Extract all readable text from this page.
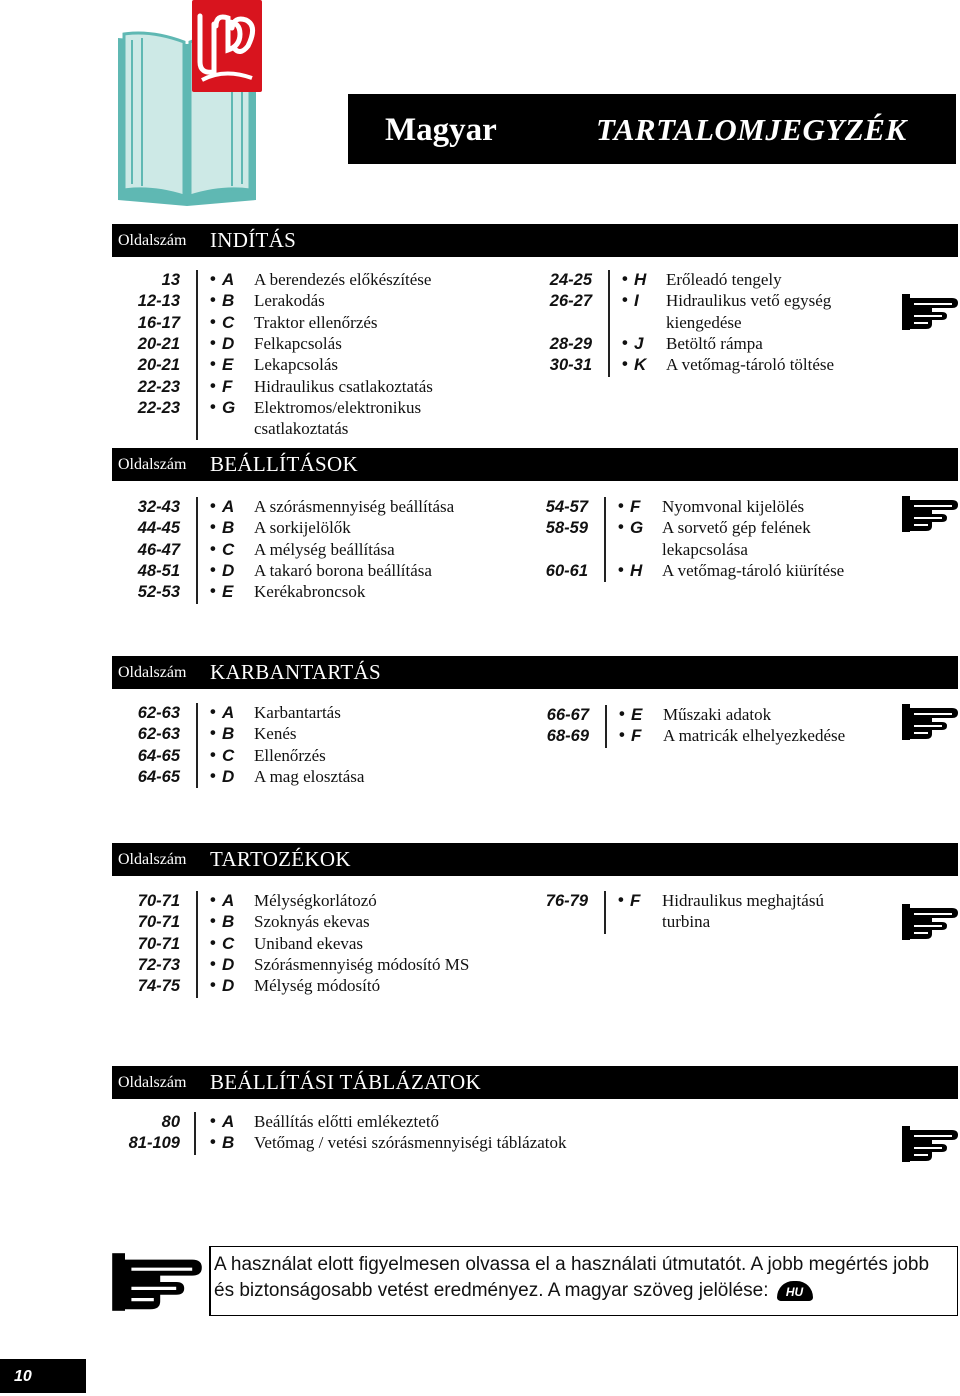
Magyar	TARTALOMJEGYZÉK
Oldalszám INDÍTÁS
Oldalszám BEÁLLÍTÁSOK
Oldalszám KARBANTARTÁS
Oldalszám TARTOZÉKOK
Oldalszám BEÁLLÍTÁSI TÁBLÁZATOK
13 • A A berendezés előkészítése
12-13 • B Lerakodás
16-17 • C Traktor ellenőrzés
20-21 • D Felkapcsolás
20-21 • E Lekapcsolás
22-23 • F Hidraulikus csatlakoztatás
22-23 • G Elektromos/elektronikus
csatlakoztatás
24-25 • H Erőleadó tengely
26-27 • I Hidraulikus vető egység
kiengedése
28-29 • J Betöltő rámpa
30-31 • K A vetőmag-tároló töltése
32-43 • A A szórásmennyiség beállítása
44-45 • B A sorkijelölők
46-47 • C A mélység beállítása
48-51 • D A takaró borona beállítása
52-53 • E Kerékabroncsok
54-57 • F Nyomvonal kijelölés
58-59 • G A sorvető gép felének
lekapcsolása
60-61 • H A vetőmag-tároló kiürítése
62-63 • A Karbantartás
62-63 • B Kenés
64-65 • C Ellenőrzés
64-65 • D A mag elosztása
66-67 • E Műszaki adatok
68-69 • F A matricák elhelyezkedése
70-71 • A Mélységkorlátozó
70-71 • B Szoknyás ekevas
70-71 • C Uniband ekevas
72-73 • D Szórásmennyiség módosító MS
74-75 • D Mélység módosító
76-79 • F Hidraulikus meghajtású
turbina
80 • A Beállítás előtti emlékeztető
81-109 • B Vetőmag / vetési szórásmennyiségi táblázatok
A használat elott figyelmesen olvassa el a használati útmutatót. A jobb megértés jobb és biztonságosabb vetést eredményez. A magyar szöveg jelölése: HU
10
